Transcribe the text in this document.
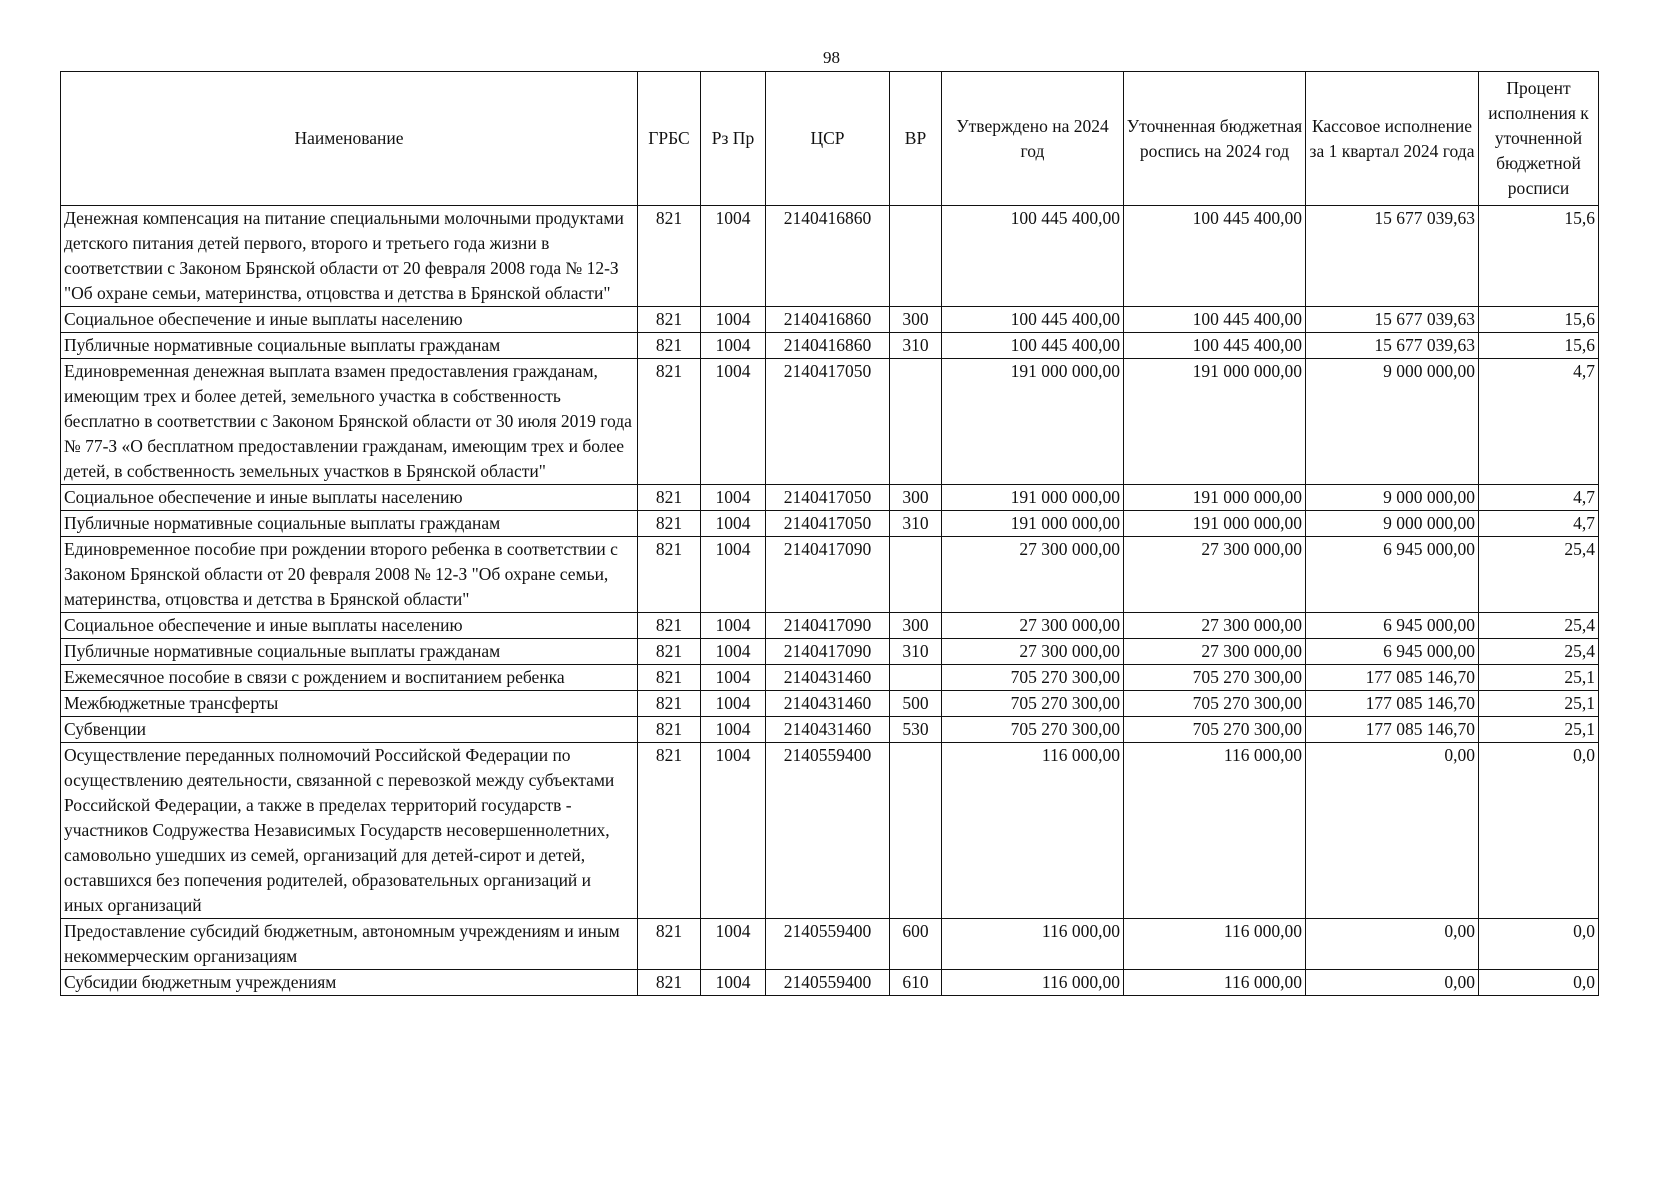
98
Наименование	ГРБС	Рз Пр	ЦСР	ВР	Утверждено на 2024 год	Уточненная бюджетная роспись на 2024 год	Кассовое исполнение за 1 квартал 2024 года	Процент исполнения к уточненной бюджетной росписи
Денежная компенсация на питание специальными молочными продуктами детского питания детей первого, второго и третьего года жизни в соответствии с Законом Брянской области от 20 февраля 2008 года № 12-З "Об охране семьи, материнства, отцовства и детства в Брянской области"	821	1004	2140416860		100 445 400,00	100 445 400,00	15 677 039,63	15,6
Социальное обеспечение и иные выплаты населению	821	1004	2140416860	300	100 445 400,00	100 445 400,00	15 677 039,63	15,6
Публичные нормативные социальные выплаты гражданам	821	1004	2140416860	310	100 445 400,00	100 445 400,00	15 677 039,63	15,6
Единовременная денежная выплата взамен предоставления гражданам, имеющим трех и более детей, земельного участка в собственность бесплатно в соответствии с Законом Брянской области от 30 июля 2019 года № 77-З «О бесплатном предоставлении гражданам, имеющим трех и более детей, в собственность земельных участков в Брянской области"	821	1004	2140417050		191 000 000,00	191 000 000,00	9 000 000,00	4,7
Социальное обеспечение и иные выплаты населению	821	1004	2140417050	300	191 000 000,00	191 000 000,00	9 000 000,00	4,7
Публичные нормативные социальные выплаты гражданам	821	1004	2140417050	310	191 000 000,00	191 000 000,00	9 000 000,00	4,7
Единовременное пособие при рождении второго ребенка в соответствии с Законом Брянской области от 20 февраля 2008 № 12-З "Об охране семьи, материнства, отцовства и детства в Брянской области"	821	1004	2140417090		27 300 000,00	27 300 000,00	6 945 000,00	25,4
Социальное обеспечение и иные выплаты населению	821	1004	2140417090	300	27 300 000,00	27 300 000,00	6 945 000,00	25,4
Публичные нормативные социальные выплаты гражданам	821	1004	2140417090	310	27 300 000,00	27 300 000,00	6 945 000,00	25,4
Ежемесячное пособие в связи с рождением и воспитанием ребенка	821	1004	2140431460		705 270 300,00	705 270 300,00	177 085 146,70	25,1
Межбюджетные трансферты	821	1004	2140431460	500	705 270 300,00	705 270 300,00	177 085 146,70	25,1
Субвенции	821	1004	2140431460	530	705 270 300,00	705 270 300,00	177 085 146,70	25,1
Осуществление переданных полномочий Российской Федерации по осуществлению деятельности, связанной с перевозкой между субъектами Российской Федерации, а также в пределах территорий государств - участников Содружества Независимых Государств несовершеннолетних, самовольно ушедших из семей, организаций для детей-сирот и детей, оставшихся без попечения родителей, образовательных организаций и иных организаций	821	1004	2140559400		116 000,00	116 000,00	0,00	0,0
Предоставление субсидий бюджетным, автономным учреждениям и иным некоммерческим организациям	821	1004	2140559400	600	116 000,00	116 000,00	0,00	0,0
Субсидии бюджетным учреждениям	821	1004	2140559400	610	116 000,00	116 000,00	0,00	0,0
